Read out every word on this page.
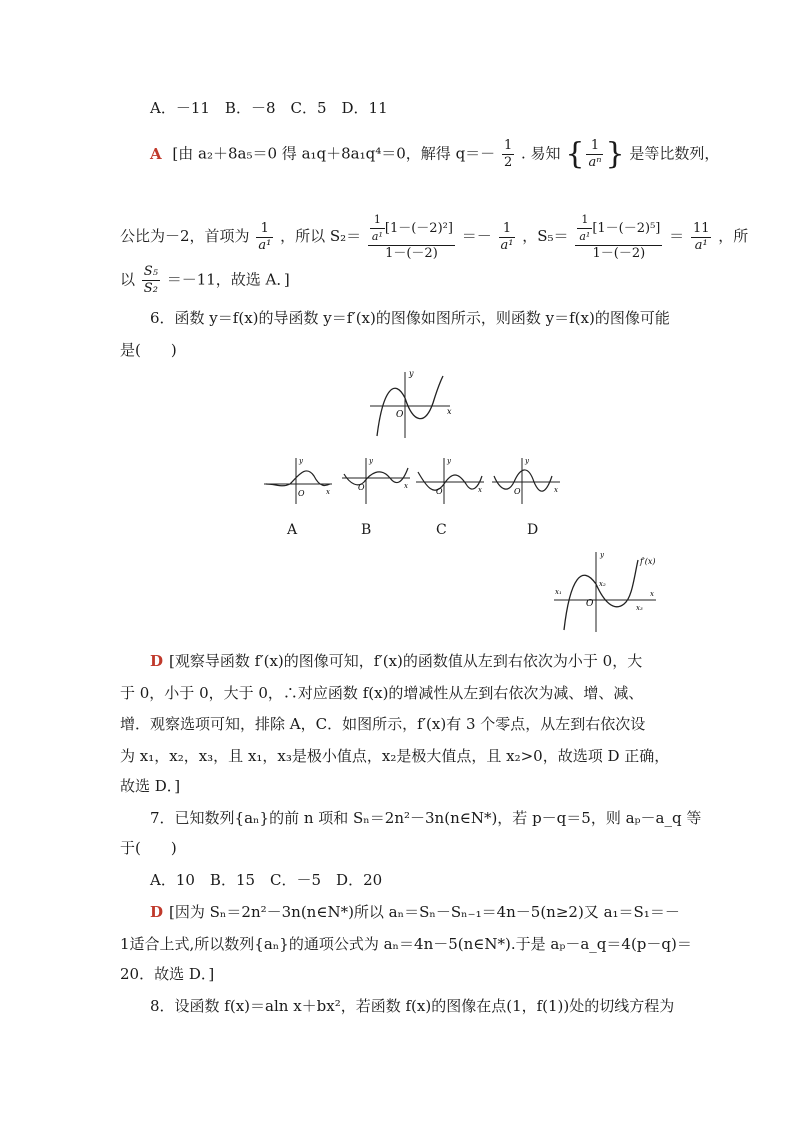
A．－11　B．－8　C．5　D．11
A [由 a₂＋8a₅＝0 得 a₁q＋8a₁q⁴＝0，解得 $q=- \frac{1}{2}$ . 易知 { $\frac{1}{\text{aⁿ}}$ } 是等比数列，
公比为－2，首项为 $\frac{1}{\text{a¹}}$ ，所以 $S_2= \frac{\frac{1}{\text{a¹}} [1-(-2)^2]}{1-(-2)} =- \frac{1}{\text{a¹}}$ ，$S_5= \frac{\frac{1}{\text{a¹}} [1-(-2)^5]}{1-(-2)} = \frac{11}{\text{a¹}}$ ，所
以 $\frac{\text{S₅}}{\text{S₂}} =-11$，故选 A．]
6．函数 y＝f(x)的导函数 y＝f′(x)的图像如图所示，则函数 y＝f(x)的图像可能
是(　　)
O	x
y
O	x
y
O	x
y
O	x
y
O	x
y
A	B	C	D
O
x
y
f′(x)
x₁
x₂
x₃
D [观察导函数 f′(x)的图像可知，f′(x)的函数值从左到右依次为小于 0，大
于 0，小于 0，大于 0，∴对应函数 f(x)的增减性从左到右依次为减、增、减、
增．观察选项可知，排除 A，C．如图所示，f′(x)有 3 个零点，从左到右依次设
为 x₁，x₂，x₃，且 x₁，x₃是极小值点，x₂是极大值点，且 x₂>0，故选项 D 正确，
故选 D．]
7．已知数列{aₙ}的前 n 项和 Sₙ＝2n²－3n(n∈N*)，若 p－q＝5，则 aₚ－a_q 等
于(　　)
A．10　B．15　C．－5　D．20
D [因为 Sₙ＝2n²－3n(n∈N*)所以 aₙ＝Sₙ－Sₙ₋₁＝4n－5(n≥2)又 a₁＝S₁＝－
1适合上式,所以数列{aₙ}的通项公式为 aₙ＝4n－5(n∈N*).于是 aₚ－a_q＝4(p－q)＝
20．故选 D．]
8．设函数 f(x)＝aln x＋bx²，若函数 f(x)的图像在点(1，f(1))处的切线方程为
